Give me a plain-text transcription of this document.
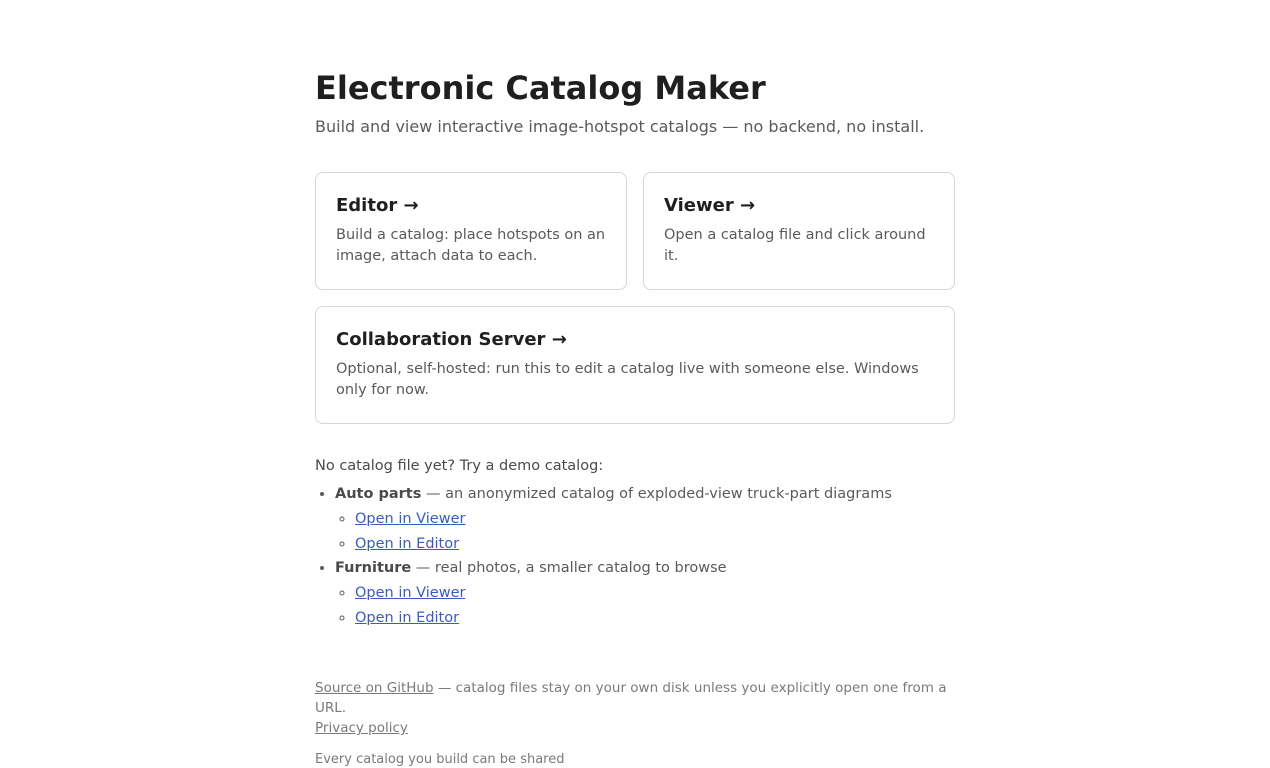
Electronic Catalog Maker

Build and view interactive image-hotspot catalogs — no backend, no install.

Editor →
Build a catalog: place hotspots on an image, attach data to each.
Viewer →
Open a catalog file and click around it.
Collaboration Server →
Optional, self-hosted: run this to edit a catalog live with someone else. Windows only for now.
No catalog file yet? Try a demo catalog:
• Auto parts — an anonymized catalog of exploded-view truck-part diagrams
◦ Open in Viewer
◦ Open in Editor
• Furniture — real photos, a smaller catalog to browse
◦ Open in Viewer
◦ Open in Editor
Source on GitHub — catalog files stay on your own disk unless you explicitly open one from a URL.
Privacy policy
Every catalog you build can be shared
